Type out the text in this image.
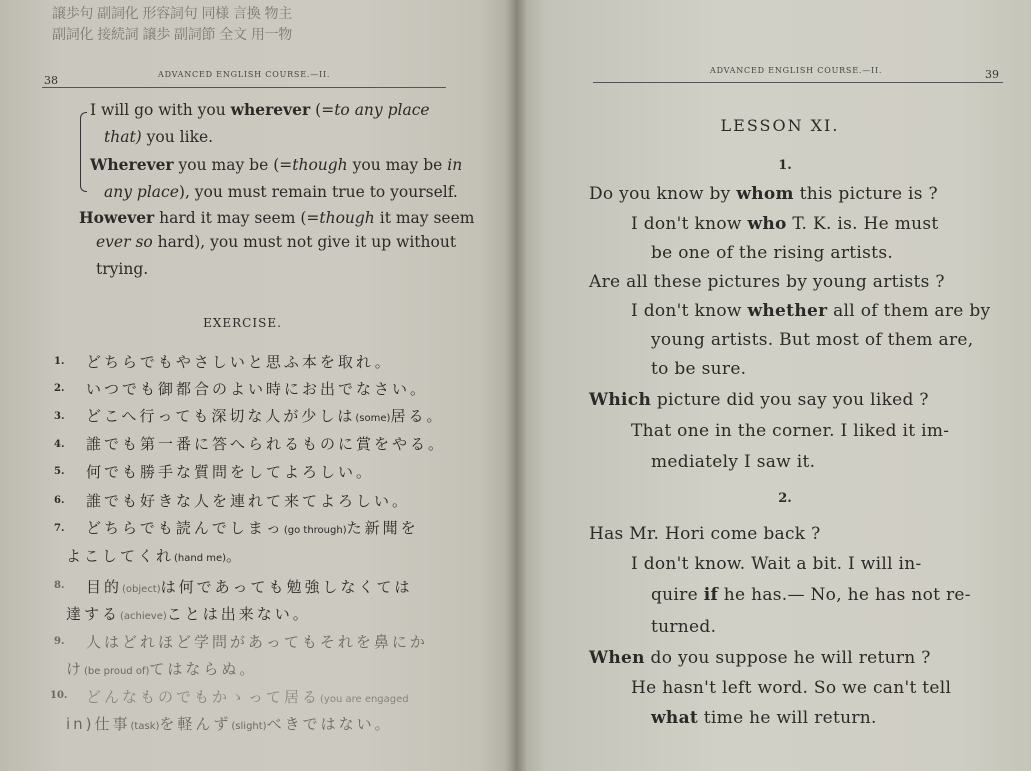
譲歩句 副詞化 形容詞句 同様 言換 物主
副詞化 接続詞 譲歩 副詞節 全文 用一物
38	ADVANCED ENGLISH COURSE.—II.
I will go with you wherever (=to any place
that) you like.
Wherever you may be (=though you may be in
any place), you must remain true to yourself.
However hard it may seem (=though it may seem
ever so hard), you must not give it up without
trying.
EXERCISE.
1. どちらでもやさしいと思ふ本を取れ。
2. いつでも御都合のよい時にお出でなさい。
3. どこへ行っても深切な人が少しは(some)居る。
4. 誰でも第一番に答へられるものに賞をやる。
5. 何でも勝手な質問をしてよろしい。
6. 誰でも好きな人を連れて来てよろしい。
7. どちらでも読んでしまっ(go through)た新聞を
よこしてくれ(hand me)。
8. 目的(object)は何であっても勉強しなくては
達する(achieve)ことは出来ない。
9. 人はどれほど学問があってもそれを鼻にか
け(be proud of)てはならぬ。
10. どんなものでもかゝって居る(you are engaged
in)仕事(task)を軽んず(slight)べきではない。
ADVANCED ENGLISH COURSE.—II.	39
LESSON XI.
1.
Do you know by whom this picture is ?
I don't know who T. K. is. He must
be one of the rising artists.
Are all these pictures by young artists ?
I don't know whether all of them are by
young artists. But most of them are,
to be sure.
Which picture did you say you liked ?
That one in the corner. I liked it im-
mediately I saw it.
2.
Has Mr. Hori come back ?
I don't know. Wait a bit. I will in-
quire if he has.— No, he has not re-
turned.
When do you suppose he will return ?
He hasn't left word. So we can't tell
what time he will return.
